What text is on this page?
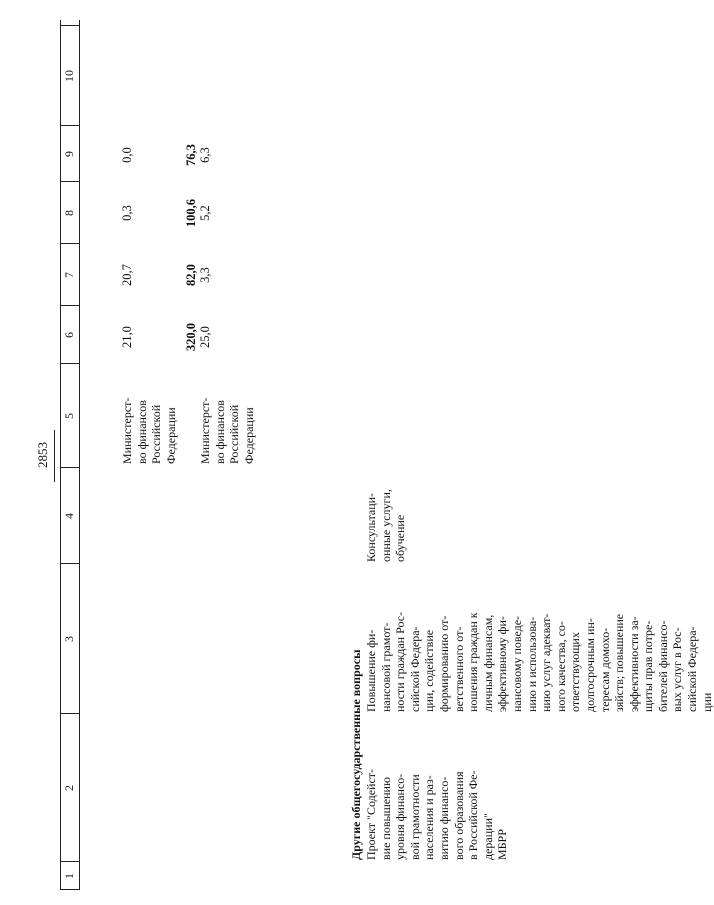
2853
1
2
3
4
5
6
7
8
9
10
Другие общегосударственные вопросы Проект "Содейст-
вие повышению
уровня финансо-
вой грамотности
населения и раз-
витию финансо-
вого образования
в Российской Фе-
дерации"
МБРР
Повышение фи-
нансовой грамот-
ности граждан Рос-
сийской Федера-
ции, содействие
формированию от-
ветственного от-
ношения граждан к
личным финансам,
эффективному фи-
нансовому поведе-
нию и использова-
нию услуг адекват-
ного качества, со-
ответствующих
долгосрочным ин-
тересам домохо-
зяйств; повышение
эффективности за-
щиты прав потре-
бителей финансо-
вых услуг в Рос-
сийской Федера-
ции
Консультаци-
онные услуги,
обучение
Министерст-
во финансов
Российской
Федерации
21,0
20,7
0,3
0,0
320,0
82,0
100,6
76,3
Министерст-
во финансов
Российской
Федерации
25,0
3,3
5,2
6,3
